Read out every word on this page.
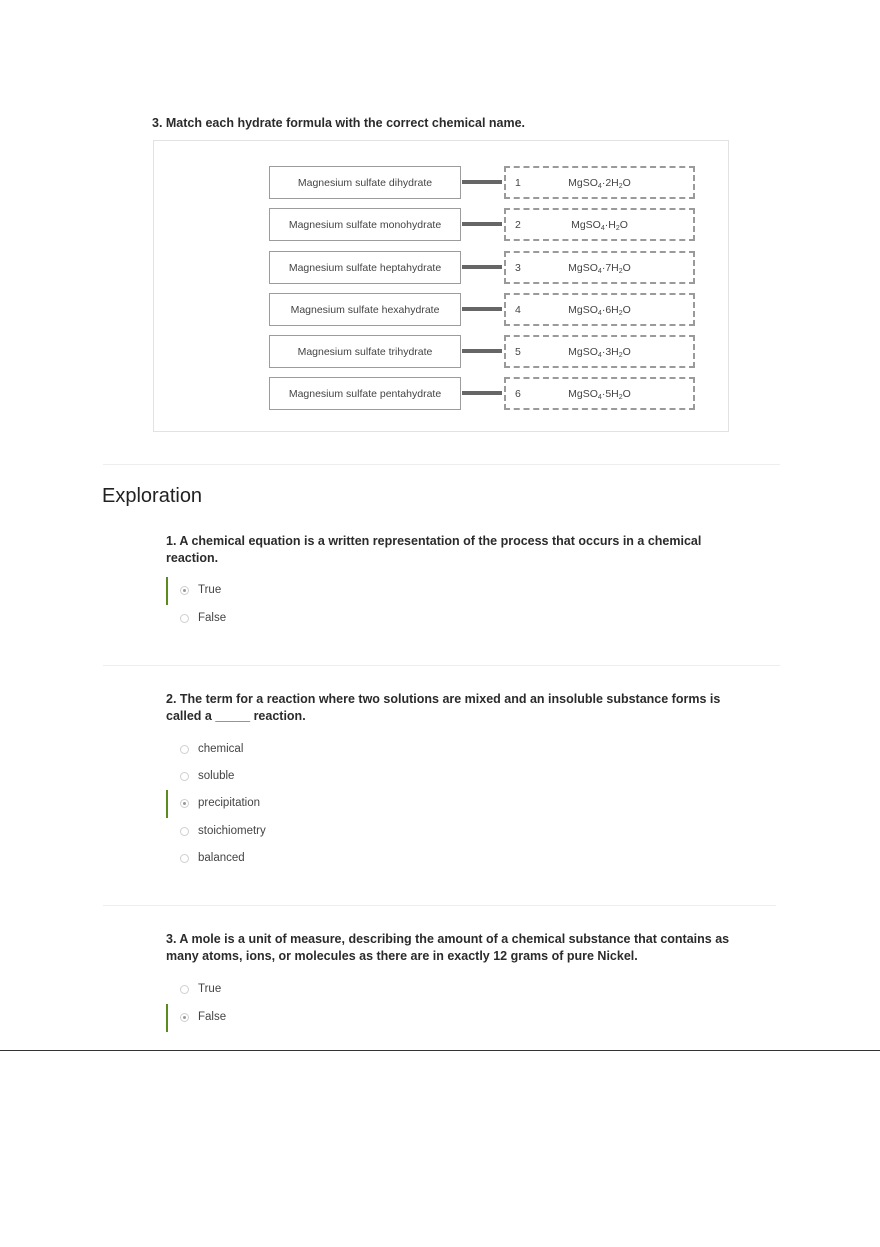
3. Match each hydrate formula with the correct chemical name.
Magnesium sulfate dihydrate	1	$MgSO_4\cdot 2H_2O$
Magnesium sulfate monohydrate	2	$MgSO_4\cdot H_2O$
Magnesium sulfate heptahydrate	3	$MgSO_4\cdot 7H_2O$
Magnesium sulfate hexahydrate	4	$MgSO_4\cdot 6H_2O$
Magnesium sulfate trihydrate	5	$MgSO_4\cdot 3H_2O$
Magnesium sulfate pentahydrate	6	$MgSO_4\cdot 5H_2O$
Exploration
1. A chemical equation is a written representation of the process that occurs in a chemical
reaction.
True
False
2. The term for a reaction where two solutions are mixed and an insoluble substance forms is
called a _____ reaction.
chemical
soluble
precipitation
stoichiometry
balanced
3. A mole is a unit of measure, describing the amount of a chemical substance that contains as
many atoms, ions, or molecules as there are in exactly 12 grams of pure Nickel.
True
False
